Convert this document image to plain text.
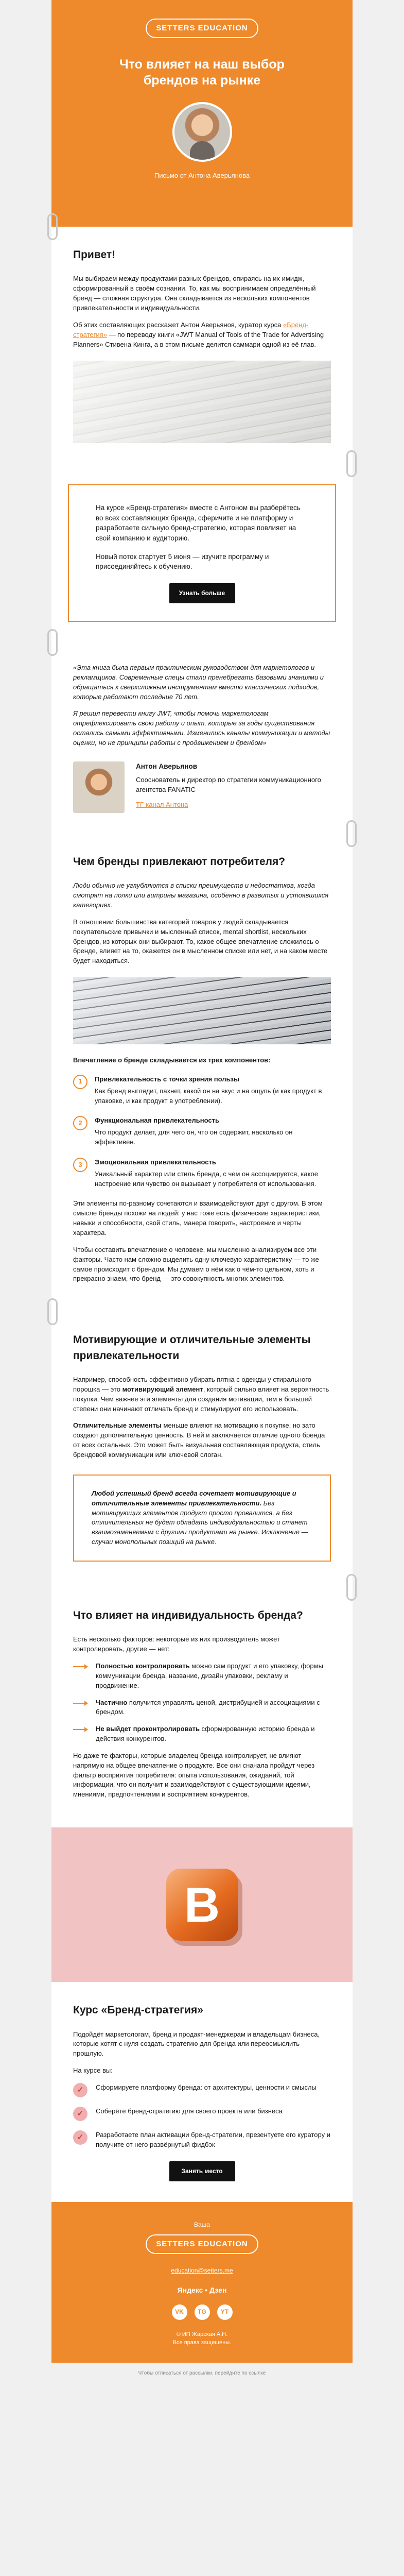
SETTERS EDUCATION
Что влияет на наш выбор брендов на рынке
Письмо от Антона Аверьянова
Привет!

Мы выбираем между продуктами разных брендов, опираясь на их имидж, сформированный в своём сознании. То, как мы воспринимаем определённый бренд — сложная структура. Она складывается из нескольких компонентов привлекательности и индивидуальности.

Об этих составляющих расскажет Антон Аверьянов, куратор курса «Бренд-стратегия» — по переводу книги «JWT Manual of Tools of the Trade for Advertising Planners» Стивена Кинга, а в этом письме делится саммари одной из её глав.

На курсе «Бренд-стратегия» вместе с Антоном вы разберётесь во всех составляющих бренда, сферичите и не платформу и разработаете сильную бренд-стратегию, которая повлияет на свой компанию и аудиторию.

Новый поток стартует 5 июня — изучите программу и присоединяйтесь к обучению.

Узнать больше

«Эта книга была первым практическим руководством для маркетологов и рекламщиков. Современные спецы стали пренебрегать базовыми знаниями и обращаться к сверхсложным инструментам вместо классических подходов, которые работают последние 70 лет.

Я решил перевести книгу JWT, чтобы помочь маркетологам отрефлексировать свою работу и опыт, которые за годы существования остались самыми эффективными. Изменились каналы коммуникации и методы оценки, но не принципы работы с продвижением и брендом»

Антон Аверьянов
Сооснователь и директор по стратегии коммуникационного агентства FANATIC
ТГ-канал Антона
Чем бренды привлекают потребителя?

Люди обычно не углубляются в списки преимуществ и недостатков, когда смотрят на полки или витрины магазина, особенно в развитых и устоявшихся категориях.

В отношении большинства категорий товаров у людей складывается покупательские привычки и мысленный список, mental shortlist, нескольких брендов, из которых они выбирают. То, какое общее впечатление сложилось о бренде, влияет на то, окажется он в мысленном списке или нет, и на каком месте будет находиться.

Впечатление о бренде складывается из трех компонентов:

1	Привлекательность с точки зрения пользы
Как бренд выглядит, пахнет, какой он на вкус и на ощупь (и как продукт в упаковке, и как продукт в употреблении).
2	Функциональная привлекательность
Что продукт делает, для чего он, что он содержит, насколько он эффективен.
3	Эмоциональная привлекательность
Уникальный характер или стиль бренда, с чем он ассоциируется, какое настроение или чувство он вызывает у потребителя от использования.

Эти элементы по-разному сочетаются и взаимодействуют друг с другом. В этом смысле бренды похожи на людей: у нас тоже есть физические характеристики, навыки и способности, свой стиль, манера говорить, настроение и черты характера.

Чтобы составить впечатление о человеке, мы мысленно анализируем все эти факторы. Часто нам сложно выделить одну ключевую характеристику — то же самое происходит с брендом. Мы думаем о нём как о чём-то цельном, хоть и прекрасно знаем, что бренд — это совокупность многих элементов.

Мотивирующие и отличительные элементы привлекательности

Например, способность эффективно убирать пятна с одежды у стирального порошка — это мотивирующий элемент, который сильно влияет на вероятность покупки. Чем важнее эти элементы для создания мотивации, тем в большей степени они начинают отличать бренд и стимулируют его использовать.

Отличительные элементы меньше влияют на мотивацию к покупке, но зато создают дополнительную ценность. В ней и заключается отличие одного бренда от всех остальных. Это может быть визуальная составляющая продукта, стиль брендовой коммуникации или ключевой слоган.

Любой успешный бренд всегда сочетает мотивирующие и отличительные элементы привлекательности. Без мотивирующих элементов продукт просто провалится, а без отличительных не будет обладать индивидуальностью и станет взаимозаменяемым с другими продуктами на рынке. Исключение — случаи монопольных позиций на рынке.

Что влияет на индивидуальность бренда?

Есть несколько факторов: некоторые из них производитель может контролировать, другие — нет:

Полностью контролировать можно сам продукт и его упаковку, формы коммуникации бренда, название, дизайн упаковки, рекламу и продвижение.
Частично получится управлять ценой, дистрибуцией и ассоциациями с брендом.
Не выйдет проконтролировать сформированную историю бренда и действия конкурентов.

Но даже те факторы, которые владелец бренда контролирует, не влияют напрямую на общее впечатление о продукте. Все они сначала пройдут через фильтр восприятия потребителя: опыта использования, ожиданий, той информации, что он получит и взаимодействуют с существующими идеями, мнениями, предпочтениями и восприятием конкурентов.

B
Курс «Бренд-стратегия»

Подойдёт маркетологам, бренд и продакт-менеджерам и владельцам бизнеса, которые хотят с нуля создать стратегию для бренда или переосмыслить прошлую.

На курсе вы:

✓	Сформируете платформу бренда: от архитектуры, ценности и смыслы
✓	Соберёте бренд-стратегию для своего проекта или бизнеса
✓	Разработаете план активации бренд-стратегии, презентуете его куратору и получите от него развёрнутый фидбэк
Занять место
Ваша
SETTERS EDUCATION
education@setters.me
Яндекс • Дзен
VK	TG	YT
© ИП Жарская А.Н.
Все права защищены.
Чтобы отписаться от рассылки, перейдите по ссылке
